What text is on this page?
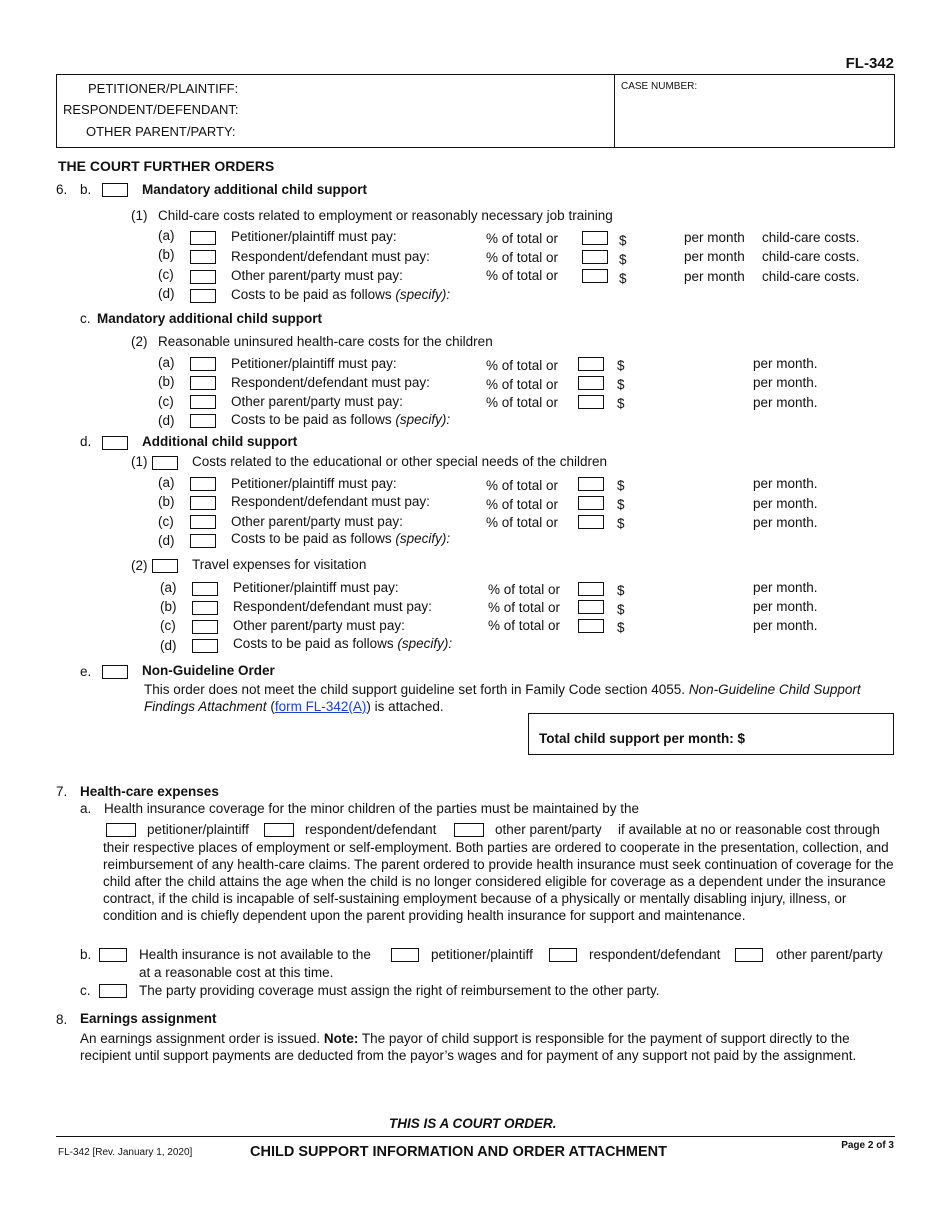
FL-342
PETITIONER/PLAINTIFF:
RESPONDENT/DEFENDANT:
OTHER PARENT/PARTY:
CASE NUMBER:
THE COURT FURTHER ORDERS
6. b.	Mandatory additional child support
(1) Child-care costs related to employment or reasonably necessary job training
(a)	Petitioner/plaintiff must pay:	% of total or	$	per month child-care costs.
(b)	Respondent/defendant must pay:	% of total or	$	per month child-care costs.
(c)	Other parent/party must pay:	% of total or	$	per month child-care costs.
(d)	Costs to be paid as follows (specify):
c. Mandatory additional child support
(2) Reasonable uninsured health-care costs for the children
(a)	Petitioner/plaintiff must pay:	% of total or	$	per month.
(b)	Respondent/defendant must pay:	% of total or	$	per month.
(c)	Other parent/party must pay:	% of total or	$	per month.
(d)	Costs to be paid as follows (specify):
d.	Additional child support
(1)	Costs related to the educational or other special needs of the children
(a)	Petitioner/plaintiff must pay:	% of total or	$	per month.
(b)	Respondent/defendant must pay:	% of total or	$	per month.
(c)	Other parent/party must pay:	% of total or	$	per month.
(d)	Costs to be paid as follows (specify):
(2)	Travel expenses for visitation
(a)	Petitioner/plaintiff must pay:	% of total or	$	per month.
(b)	Respondent/defendant must pay:	% of total or	$	per month.
(c)	Other parent/party must pay:	% of total or	$	per month.
(d)	Costs to be paid as follows (specify):
e.	Non-Guideline Order
This order does not meet the child support guideline set forth in Family Code section 4055. Non-Guideline Child Support Findings Attachment (form FL-342(A)) is attached.
Total child support per month: $
7. Health-care expenses
a. Health insurance coverage for the minor children of the parties must be maintained by the
petitioner/plaintiff	respondent/defendant	other parent/party if available at no or reasonable cost through
their respective places of employment or self-employment. Both parties are ordered to cooperate in the presentation, collection, and reimbursement of any health-care claims. The parent ordered to provide health insurance must seek continuation of coverage for the child after the child attains the age when the child is no longer considered eligible for coverage as a dependent under the insurance contract, if the child is incapable of self-sustaining employment because of a physically or mentally disabling injury, illness, or condition and is chiefly dependent upon the parent providing health insurance for support and maintenance.
b.	Health insurance is not available to the	petitioner/plaintiff	respondent/defendant	other parent/party
at a reasonable cost at this time.
c.	The party providing coverage must assign the right of reimbursement to the other party.
8. Earnings assignment
An earnings assignment order is issued. Note: The payor of child support is responsible for the payment of support directly to the recipient until support payments are deducted from the payor’s wages and for payment of any support not paid by the assignment.
THIS IS A COURT ORDER.
FL-342 [Rev. January 1, 2020]	CHILD SUPPORT INFORMATION AND ORDER ATTACHMENT	Page 2 of 3
